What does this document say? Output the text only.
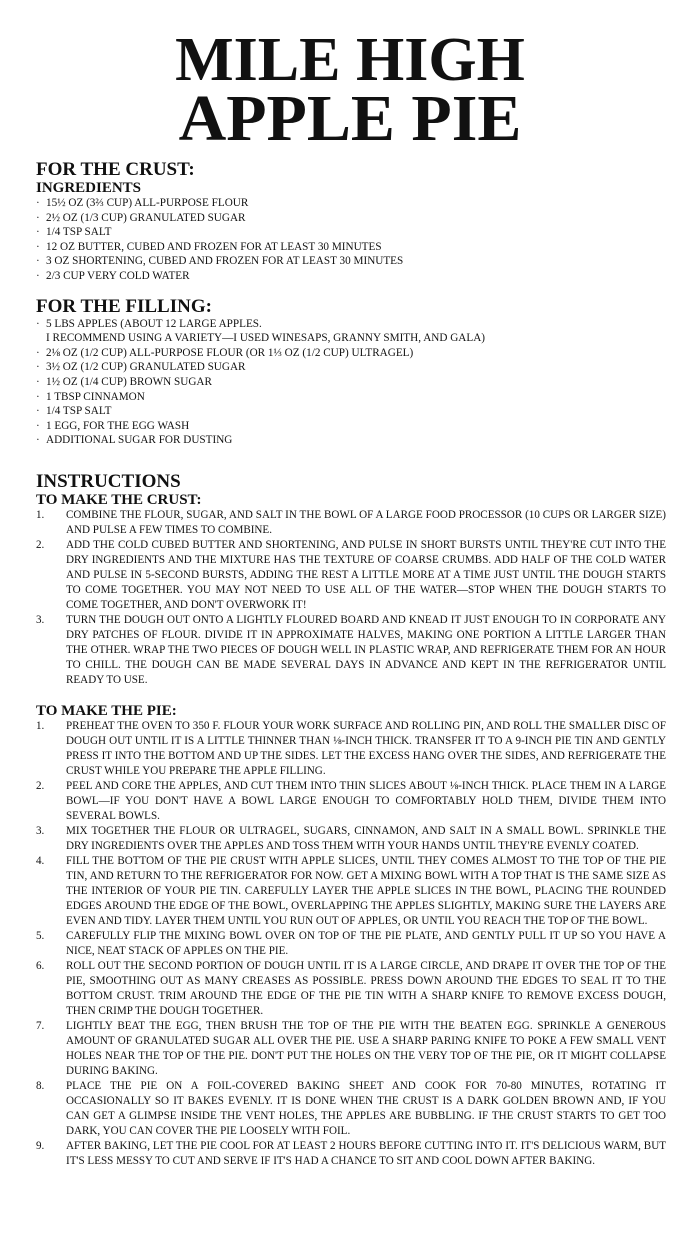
MILE HIGH
APPLE PIE
FOR THE CRUST:
INGREDIENTS
· 15½ OZ (3⅔ CUP) ALL-PURPOSE FLOUR
· 2½ OZ (1/3 CUP) GRANULATED SUGAR
· 1/4 TSP SALT
· 12 OZ BUTTER, CUBED AND FROZEN FOR AT LEAST 30 MINUTES
· 3 OZ SHORTENING, CUBED AND FROZEN FOR AT LEAST 30 MINUTES
· 2/3 CUP VERY COLD WATER
FOR THE FILLING:
· 5 LBS APPLES (ABOUT 12 LARGE APPLES.
I RECOMMEND USING A VARIETY—I USED WINESAPS, GRANNY SMITH, AND GALA)
· 2⅛ OZ (1/2 CUP) ALL-PURPOSE FLOUR (OR 1⅓ OZ (1/2 CUP) ULTRAGEL)
· 3½ OZ (1/2 CUP) GRANULATED SUGAR
· 1½ OZ (1/4 CUP) BROWN SUGAR
· 1 TBSP CINNAMON
· 1/4 TSP SALT
· 1 EGG, FOR THE EGG WASH
· ADDITIONAL SUGAR FOR DUSTING
INSTRUCTIONS
TO MAKE THE CRUST:
1. COMBINE THE FLOUR, SUGAR, AND SALT IN THE BOWL OF A LARGE FOOD PROCESSOR (10 CUPS OR LARGER SIZE) AND PULSE A FEW TIMES TO COMBINE.
2. ADD THE COLD CUBED BUTTER AND SHORTENING, AND PULSE IN SHORT BURSTS UNTIL THEY'RE CUT INTO THE DRY INGREDIENTS AND THE MIXTURE HAS THE TEXTURE OF COARSE CRUMBS. ADD HALF OF THE COLD WATER AND PULSE IN 5-SECOND BURSTS, ADDING THE REST A LITTLE MORE AT A TIME JUST UNTIL THE DOUGH STARTS TO COME TOGETHER. YOU MAY NOT NEED TO USE ALL OF THE WATER—STOP WHEN THE DOUGH STARTS TO COME TOGETHER, AND DON'T OVERWORK IT!
3. TURN THE DOUGH OUT ONTO A LIGHTLY FLOURED BOARD AND KNEAD IT JUST ENOUGH TO IN CORPORATE ANY DRY PATCHES OF FLOUR. DIVIDE IT IN APPROXIMATE HALVES, MAKING ONE PORTION A LITTLE LARGER THAN THE OTHER. WRAP THE TWO PIECES OF DOUGH WELL IN PLASTIC WRAP, AND REFRIGERATE THEM FOR AN HOUR TO CHILL. THE DOUGH CAN BE MADE SEVERAL DAYS IN ADVANCE AND KEPT IN THE REFRIGERATOR UNTIL READY TO USE.
TO MAKE THE PIE:
1. PREHEAT THE OVEN TO 350 F. FLOUR YOUR WORK SURFACE AND ROLLING PIN, AND ROLL THE SMALLER DISC OF DOUGH OUT UNTIL IT IS A LITTLE THINNER THAN ⅛-INCH THICK. TRANSFER IT TO A 9-INCH PIE TIN AND GENTLY PRESS IT INTO THE BOTTOM AND UP THE SIDES. LET THE EXCESS HANG OVER THE SIDES, AND REFRIGERATE THE CRUST WHILE YOU PREPARE THE APPLE FILLING.
2. PEEL AND CORE THE APPLES, AND CUT THEM INTO THIN SLICES ABOUT ⅛-INCH THICK. PLACE THEM IN A LARGE BOWL—IF YOU DON'T HAVE A BOWL LARGE ENOUGH TO COMFORTABLY HOLD THEM, DIVIDE THEM INTO SEVERAL BOWLS.
3. MIX TOGETHER THE FLOUR OR ULTRAGEL, SUGARS, CINNAMON, AND SALT IN A SMALL BOWL. SPRINKLE THE DRY INGREDIENTS OVER THE APPLES AND TOSS THEM WITH YOUR HANDS UNTIL THEY'RE EVENLY COATED.
4. FILL THE BOTTOM OF THE PIE CRUST WITH APPLE SLICES, UNTIL THEY COMES ALMOST TO THE TOP OF THE PIE TIN, AND RETURN TO THE REFRIGERATOR FOR NOW. GET A MIXING BOWL WITH A TOP THAT IS THE SAME SIZE AS THE INTERIOR OF YOUR PIE TIN. CAREFULLY LAYER THE APPLE SLICES IN THE BOWL, PLACING THE ROUNDED EDGES AROUND THE EDGE OF THE BOWL, OVERLAPPING THE APPLES SLIGHTLY, MAKING SURE THE LAYERS ARE EVEN AND TIDY. LAYER THEM UNTIL YOU RUN OUT OF APPLES, OR UNTIL YOU REACH THE TOP OF THE BOWL.
5. CAREFULLY FLIP THE MIXING BOWL OVER ON TOP OF THE PIE PLATE, AND GENTLY PULL IT UP SO YOU HAVE A NICE, NEAT STACK OF APPLES ON THE PIE.
6. ROLL OUT THE SECOND PORTION OF DOUGH UNTIL IT IS A LARGE CIRCLE, AND DRAPE IT OVER THE TOP OF THE PIE, SMOOTHING OUT AS MANY CREASES AS POSSIBLE. PRESS DOWN AROUND THE EDGES TO SEAL IT TO THE BOTTOM CRUST. TRIM AROUND THE EDGE OF THE PIE TIN WITH A SHARP KNIFE TO REMOVE EXCESS DOUGH, THEN CRIMP THE DOUGH TOGETHER.
7. LIGHTLY BEAT THE EGG, THEN BRUSH THE TOP OF THE PIE WITH THE BEATEN EGG. SPRINKLE A GENEROUS AMOUNT OF GRANULATED SUGAR ALL OVER THE PIE. USE A SHARP PARING KNIFE TO POKE A FEW SMALL VENT HOLES NEAR THE TOP OF THE PIE. DON'T PUT THE HOLES ON THE VERY TOP OF THE PIE, OR IT MIGHT COLLAPSE DURING BAKING.
8. PLACE THE PIE ON A FOIL-COVERED BAKING SHEET AND COOK FOR 70-80 MINUTES, ROTATING IT OCCASIONALLY SO IT BAKES EVENLY. IT IS DONE WHEN THE CRUST IS A DARK GOLDEN BROWN AND, IF YOU CAN GET A GLIMPSE INSIDE THE VENT HOLES, THE APPLES ARE BUBBLING. IF THE CRUST STARTS TO GET TOO DARK, YOU CAN COVER THE PIE LOOSELY WITH FOIL.
9. AFTER BAKING, LET THE PIE COOL FOR AT LEAST 2 HOURS BEFORE CUTTING INTO IT. IT'S DELICIOUS WARM, BUT IT'S LESS MESSY TO CUT AND SERVE IF IT'S HAD A CHANCE TO SIT AND COOL DOWN AFTER BAKING.
